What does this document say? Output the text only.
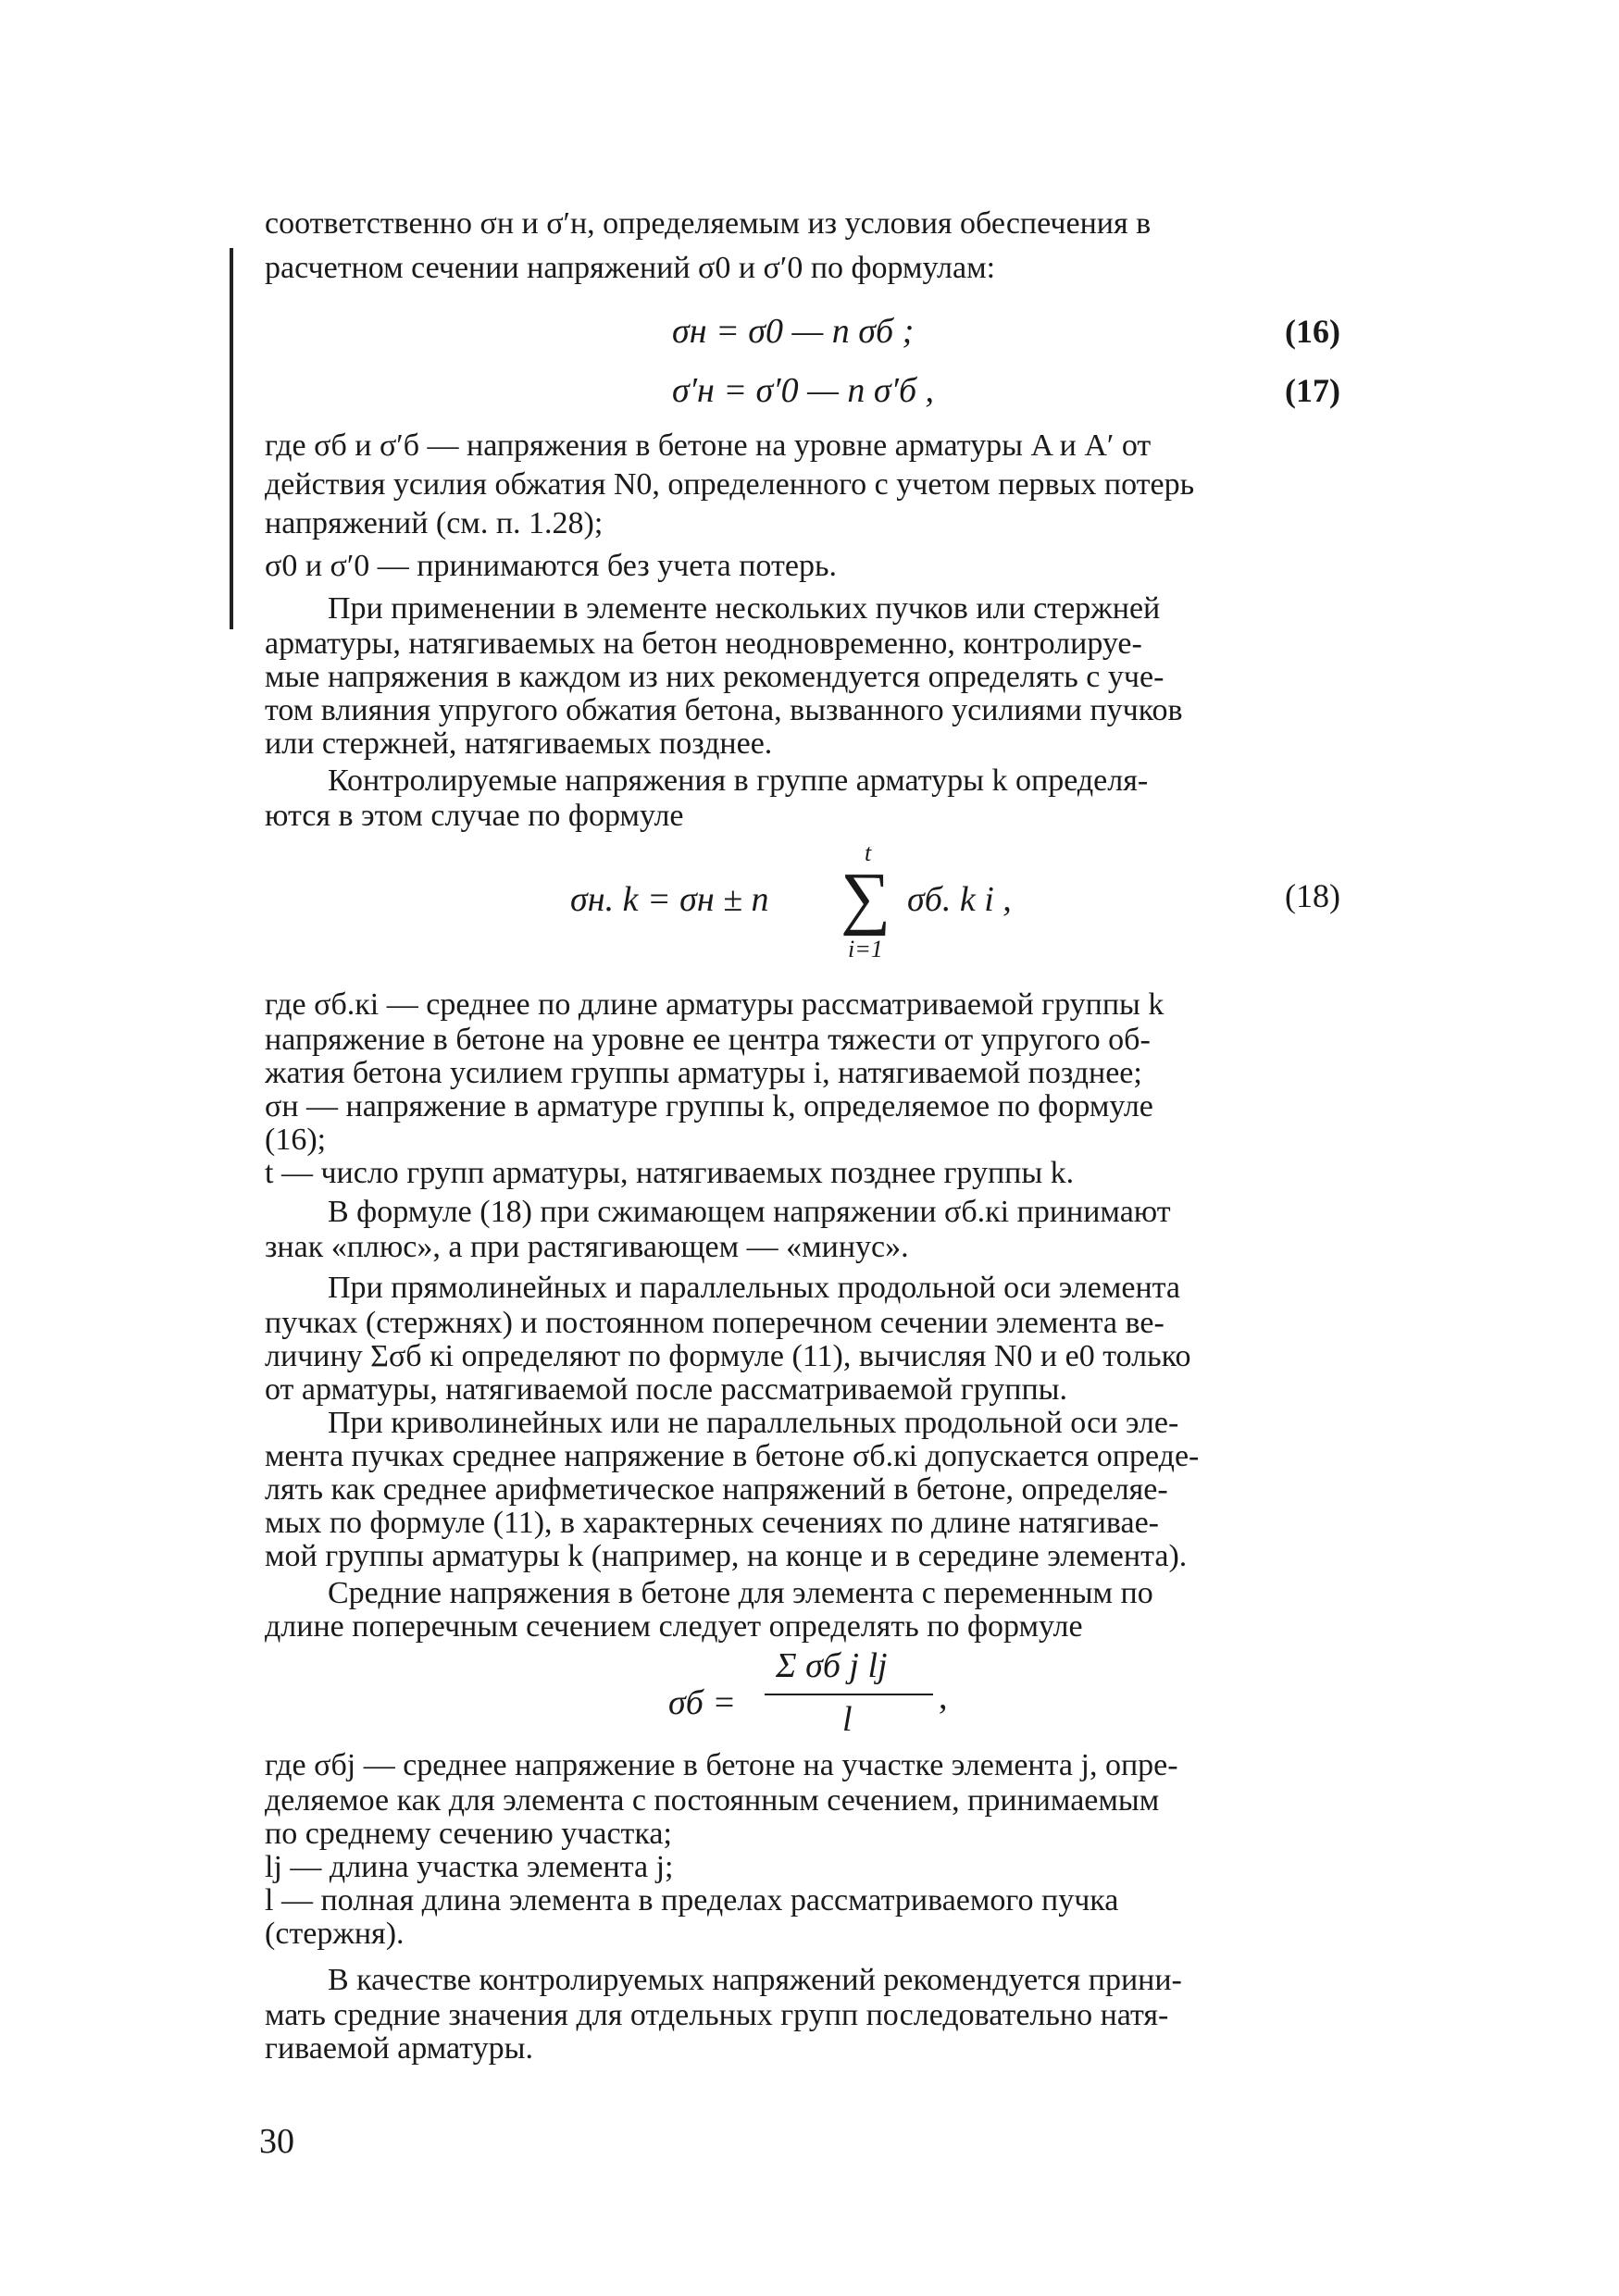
соответственно σн и σ′н, определяемым из условия обеспечения в
расчетном сечении напряжений σ0 и σ′0 по формулам:
σн = σ0 — n σб ;	(16)
σ′н = σ′0 — n σ′б ,	(17)
где σб и σ′б — напряжения в бетоне на уровне арматуры A и A′ от
действия усилия обжатия N0, определенного с учетом первых потерь
напряжений (см. п. 1.28);
σ0 и σ′0 — принимаются без учета потерь.
При применении в элементе нескольких пучков или стержней
арматуры, натягиваемых на бетон неодновременно, контролируе-
мые напряжения в каждом из них рекомендуется определять с уче-
том влияния упругого обжатия бетона, вызванного усилиями пучков
или стержней, натягиваемых позднее.
Контролируемые напряжения в группе арматуры k определя-
ются в этом случае по формуле
σн. k = σн ± n
t
∑
i=1
σб. k i ,	(18)
где σб.кi — среднее по длине арматуры рассматриваемой группы k
напряжение в бетоне на уровне ее центра тяжести от упругого об-
жатия бетона усилием группы арматуры i, натягиваемой позднее;
σн — напряжение в арматуре группы k, определяемое по формуле
(16);
t — число групп арматуры, натягиваемых позднее группы k.
В формуле (18) при сжимающем напряжении σб.кi принимают
знак «плюс», а при растягивающем — «минус».
При прямолинейных и параллельных продольной оси элемента
пучках (стержнях) и постоянном поперечном сечении элемента ве-
личину Σσб кi определяют по формуле (11), вычисляя N0 и e0 только
от арматуры, натягиваемой после рассматриваемой группы.
При криволинейных или не параллельных продольной оси эле-
мента пучках среднее напряжение в бетоне σб.кi допускается опреде-
лять как среднее арифметическое напряжений в бетоне, определяе-
мых по формуле (11), в характерных сечениях по длине натягивае-
мой группы арматуры k (например, на конце и в середине элемента).
Средние напряжения в бетоне для элемента с переменным по
длине поперечным сечением следует определять по формуле
σб =
Σ σб j lj
l
,
где σбj — среднее напряжение в бетоне на участке элемента j, опре-
деляемое как для элемента с постоянным сечением, принимаемым
по среднему сечению участка;
lj — длина участка элемента j;
l — полная длина элемента в пределах рассматриваемого пучка
(стержня).
В качестве контролируемых напряжений рекомендуется прини-
мать средние значения для отдельных групп последовательно натя-
гиваемой арматуры.
30
